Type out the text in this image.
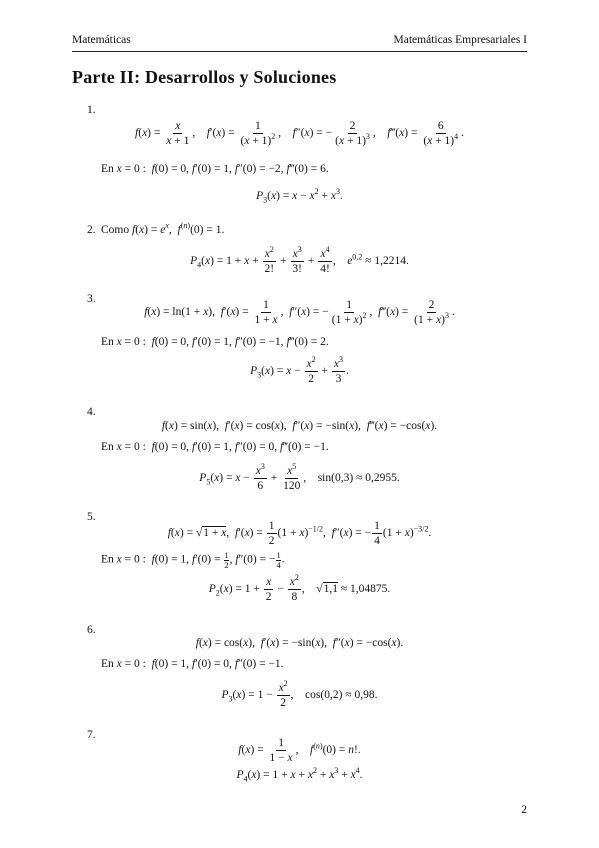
Matemáticas	Matemáticas Empresariales I
Parte II: Desarrollos y Soluciones
1.
$f(x) = \frac{x}{x + 1}$ ,    $f'(x) = \frac{1}{(x + 1)^2}$ ,    f″(x) = − $\frac{2}{(x + 1)^3}$ ,    f‴(x) = $\frac{6}{(x + 1)^4}$ .
En x = 0 :  f(0) = 0, f′(0) = 1, f″(0) = −2, f‴(0) = 6.
$P_3(x) = x - x^2 + x^3$.
2. Como $f(x) = e^x$,  $f^{(n)}(0) = 1$.
$P_4(x) = 1 + x + \frac{x^2}{2!} + \frac{x^3}{3!} + \frac{x^4}{4!}$ ,    $e^{0,2} \approx 1,2214$.
3.
f(x) = ln(1 + x),  $f'(x) = \frac{1}{1 + x}$ ,  f″(x) = − $\frac{1}{(1 + x)^2}$ ,  f‴(x) = $\frac{2}{(1 + x)^3}$ .
En x = 0 :  f(0) = 0, f′(0) = 1, f″(0) = −1, f‴(0) = 2.
$P_3(x) = x - \frac{x^2}{2} + \frac{x^3}{3}$ .
4.
f(x) = sin(x),  f′(x) = cos(x),  f″(x) = −sin(x),  f‴(x) = −cos(x).
En x = 0 :  f(0) = 0, f′(0) = 1, f″(0) = 0, f‴(0) = −1.
$P_5(x) = x - \frac{x^3}{6} + \frac{x^5}{120}$ ,    sin(0,3) ≈ 0,2955.
5.
f(x) = √1 + x,  $f'(x) = \frac{1}{2} (1 + x)^{-1/2}$,  f″(x) = − $\frac{1}{4} (1 + x)^{-3/2}$.
En x = 0 :  f(0) = 1, $f'(0) = \frac{1}{2}$ , f″(0) = − $\frac{1}{4}$ .
$P_2(x) = 1 + \frac{x}{2} - \frac{x^2}{8}$ ,    √1,1 ≈ 1,04875.
6.
f(x) = cos(x),  f′(x) = −sin(x),  f″(x) = −cos(x).
En x = 0 :  f(0) = 1, f′(0) = 0, f″(0) = −1.
$P_3(x) = 1 - \frac{x^2}{2}$ ,    cos(0,2) ≈ 0,98.
7.
$f(x) = \frac{1}{1 - x}$ ,    $f^{(n)}(0) = n$!.
$P_4(x) = 1 + x + x^2 + x^3 + x^4$.
2
